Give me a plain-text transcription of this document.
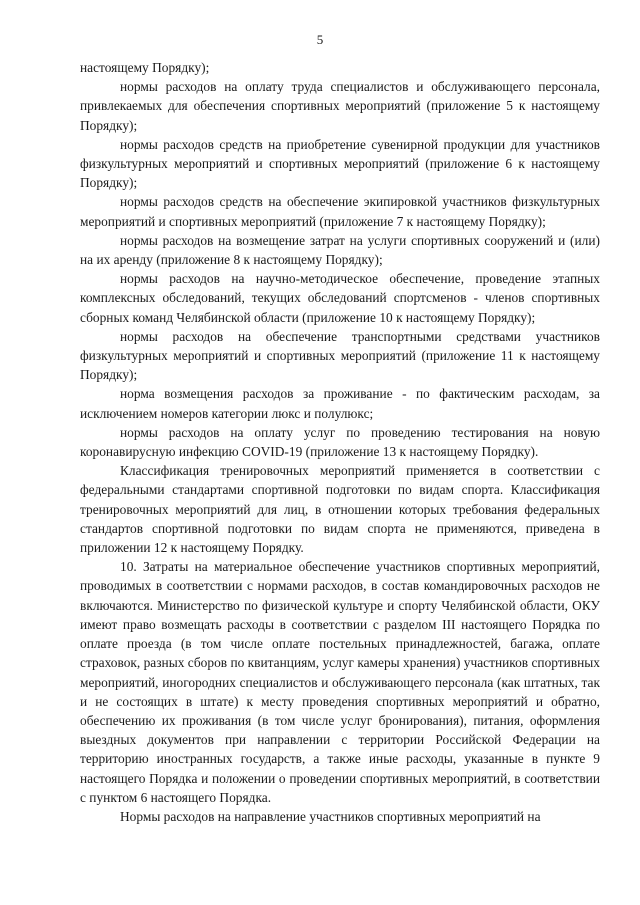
5

настоящему Порядку);

нормы расходов на оплату труда специалистов и обслуживающего персонала, привлекаемых для обеспечения спортивных мероприятий (приложение 5 к настоящему Порядку);

нормы расходов средств на приобретение сувенирной продукции для участников физкультурных мероприятий и спортивных мероприятий (приложение 6 к настоящему Порядку);

нормы расходов средств на обеспечение экипировкой участников физкультурных мероприятий и спортивных мероприятий (приложение 7 к настоящему Порядку);

нормы расходов на возмещение затрат на услуги спортивных сооружений и (или) на их аренду (приложение 8 к настоящему Порядку);

нормы расходов на научно-методическое обеспечение, проведение этапных комплексных обследований, текущих обследований спортсменов - членов спортивных сборных команд Челябинской области (приложение 10 к настоящему Порядку);

нормы расходов на обеспечение транспортными средствами участников физкультурных мероприятий и спортивных мероприятий (приложение 11 к настоящему Порядку);

норма возмещения расходов за проживание - по фактическим расходам, за исключением номеров категории люкс и полулюкс;

нормы расходов на оплату услуг по проведению тестирования на новую коронавирусную инфекцию COVID-19 (приложение 13 к настоящему Порядку).

Классификация тренировочных мероприятий применяется в соответствии с федеральными стандартами спортивной подготовки по видам спорта. Классификация тренировочных мероприятий для лиц, в отношении которых требования федеральных стандартов спортивной подготовки по видам спорта не применяются, приведена в приложении 12 к настоящему Порядку.

10. Затраты на материальное обеспечение участников спортивных мероприятий, проводимых в соответствии с нормами расходов, в состав командировочных расходов не включаются. Министерство по физической культуре и спорту Челябинской области, ОКУ имеют право возмещать расходы в соответствии с разделом III настоящего Порядка по оплате проезда (в том числе оплате постельных принадлежностей, багажа, оплате страховок, разных сборов по квитанциям, услуг камеры хранения) участников спортивных мероприятий, иногородних специалистов и обслуживающего персонала (как штатных, так и не состоящих в штате) к месту проведения спортивных мероприятий и обратно, обеспечению их проживания (в том числе услуг бронирования), питания, оформления выездных документов при направлении с территории Российской Федерации на территорию иностранных государств, а также иные расходы, указанные в пункте 9 настоящего Порядка и положении о проведении спортивных мероприятий, в соответствии с пунктом 6 настоящего Порядка.

Нормы расходов на направление участников спортивных мероприятий на
